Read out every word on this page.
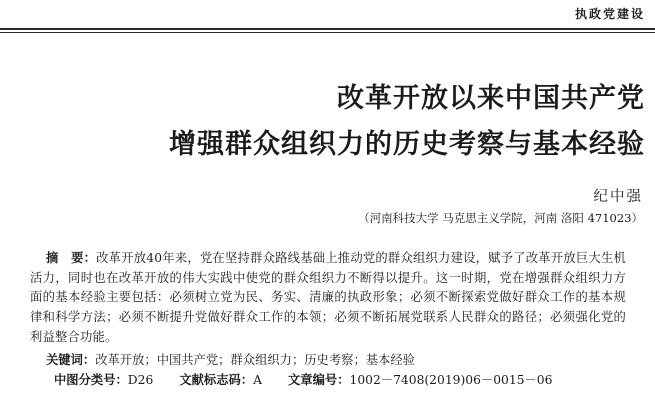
执政党建设
改革开放以来中国共产党
增强群众组织力的历史考察与基本经验
纪中强
（河南科技大学 马克思主义学院，河南 洛阳 471023）
摘　要：改革开放40年来，党在坚持群众路线基础上推动党的群众组织力建设，赋予了改革开放巨大生机活力，同时也在改革开放的伟大实践中使党的群众组织力不断得以提升。这一时期，党在增强群众组织力方面的基本经验主要包括：必须树立党为民、务实、清廉的执政形象；必须不断探索党做好群众工作的基本规律和科学方法；必须不断提升党做好群众工作的本领；必须不断拓展党联系人民群众的路径；必须强化党的利益整合功能。
关键词：改革开放；中国共产党；群众组织力；历史考察；基本经验
中图分类号：D26 文献标志码：A 文章编号：1002－7408(2019)06－0015－06
